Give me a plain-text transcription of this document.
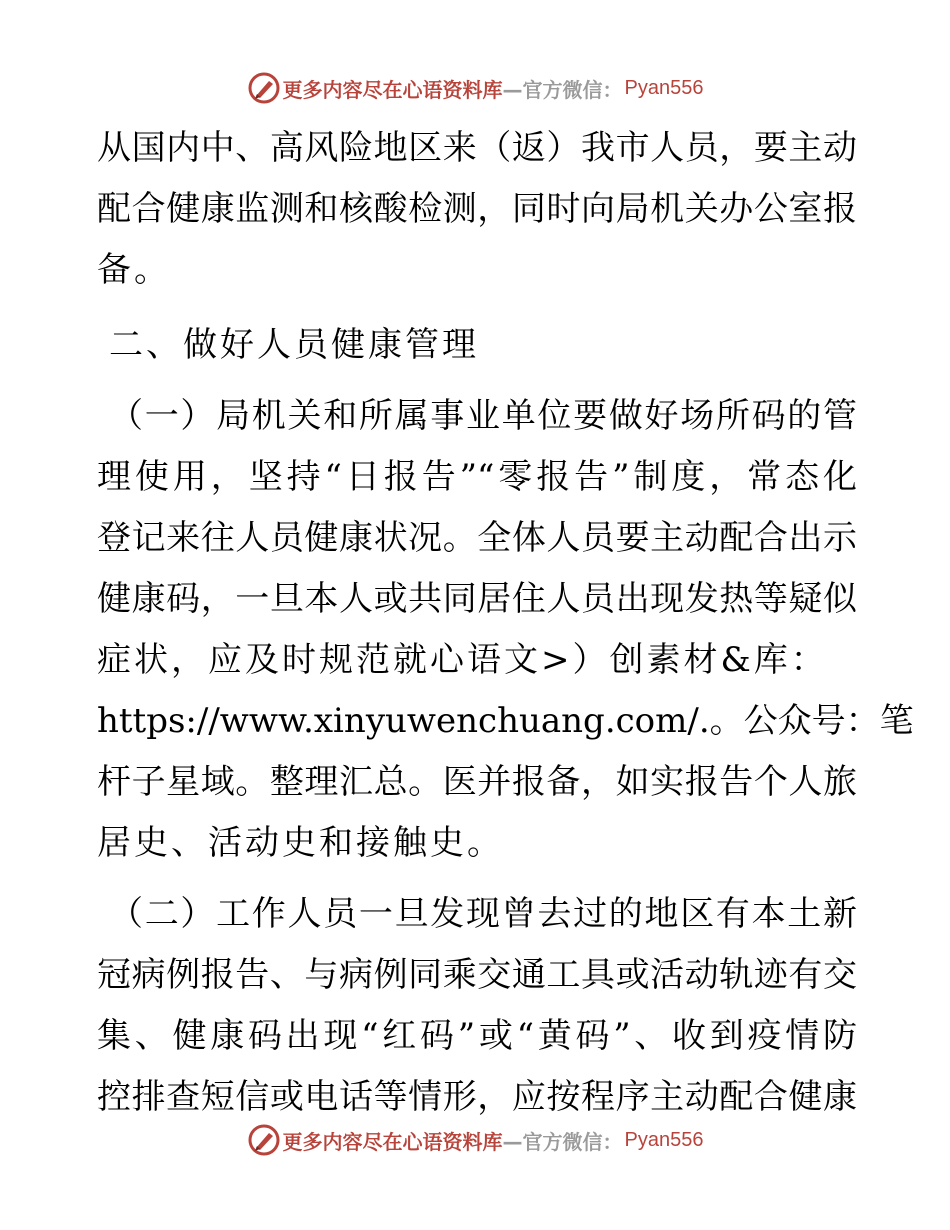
更多内容尽在心语资料库 —官方微信： Pyan556
从国内中、高风险地区来（返）我市人员，要主动
配合健康监测和核酸检测，同时向局机关办公室报
备。
二、做好人员健康管理
（一）局机关和所属事业单位要做好场所码的管
理使用，坚持“日报告”“零报告”制度，常态化
登记来往人员健康状况。全体人员要主动配合出示
健康码，一旦本人或共同居住人员出现发热等疑似
症状，应及时规范就心语文>）创素材&库：
https://www.xinyuwenchuang.com/.。公众号：笔
杆子星域。整理汇总。医并报备，如实报告个人旅
居史、活动史和接触史。
（二）工作人员一旦发现曾去过的地区有本土新
冠病例报告、与病例同乘交通工具或活动轨迹有交
集、健康码出现“红码”或“黄码”、收到疫情防
控排查短信或电话等情形，应按程序主动配合健康
更多内容尽在心语资料库 —官方微信： Pyan556
